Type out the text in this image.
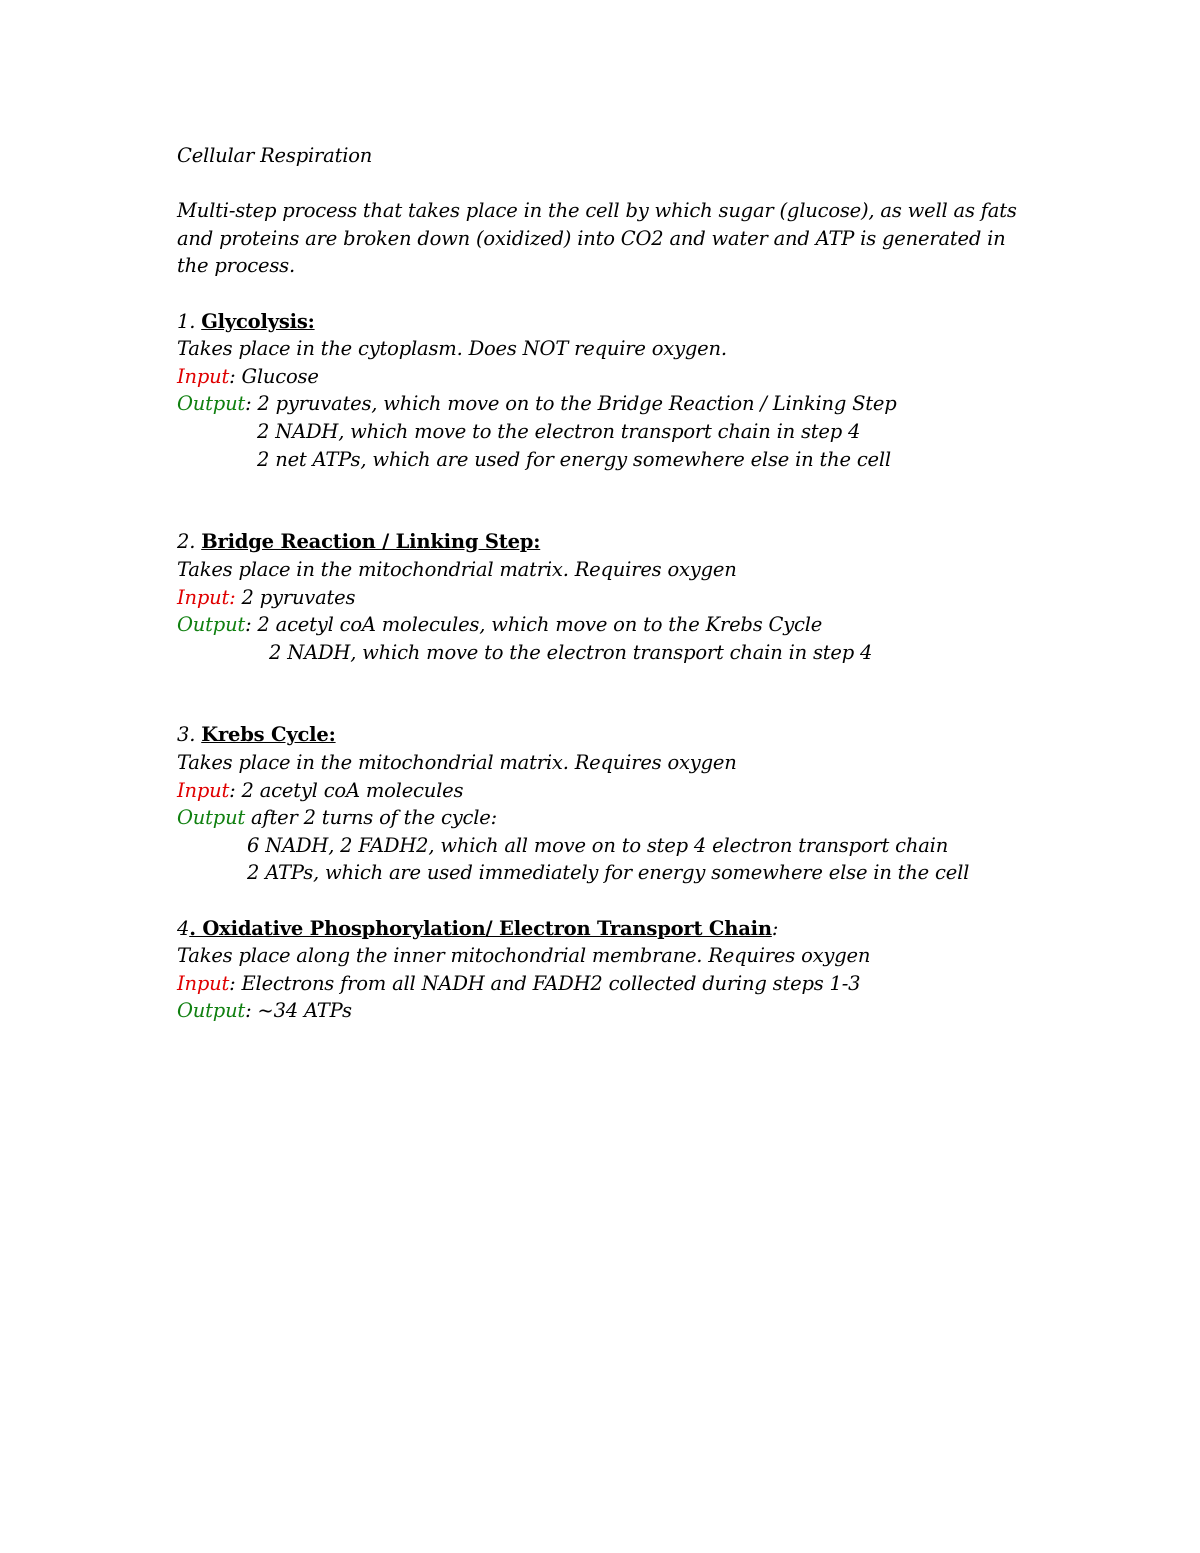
Cellular Respiration
Multi-step process that takes place in the cell by which sugar (glucose), as well as fats
and proteins are broken down (oxidized) into CO2 and water and ATP is generated in
the process.
1. Glycolysis:
Takes place in the cytoplasm. Does NOT require oxygen.
Input: Glucose
Output: 2 pyruvates, which move on to the Bridge Reaction / Linking Step
2 NADH, which move to the electron transport chain in step 4
2 net ATPs, which are used for energy somewhere else in the cell
2. Bridge Reaction / Linking Step:
Takes place in the mitochondrial matrix. Requires oxygen
Input: 2 pyruvates
Output: 2 acetyl coA molecules, which move on to the Krebs Cycle
2 NADH, which move to the electron transport chain in step 4
3. Krebs Cycle:
Takes place in the mitochondrial matrix. Requires oxygen
Input: 2 acetyl coA molecules
Output after 2 turns of the cycle:
6 NADH, 2 FADH2, which all move on to step 4 electron transport chain
2 ATPs, which are used immediately for energy somewhere else in the cell
4. Oxidative Phosphorylation/ Electron Transport Chain:
Takes place along the inner mitochondrial membrane. Requires oxygen
Input: Electrons from all NADH and FADH2 collected during steps 1-3
Output: ~34 ATPs
